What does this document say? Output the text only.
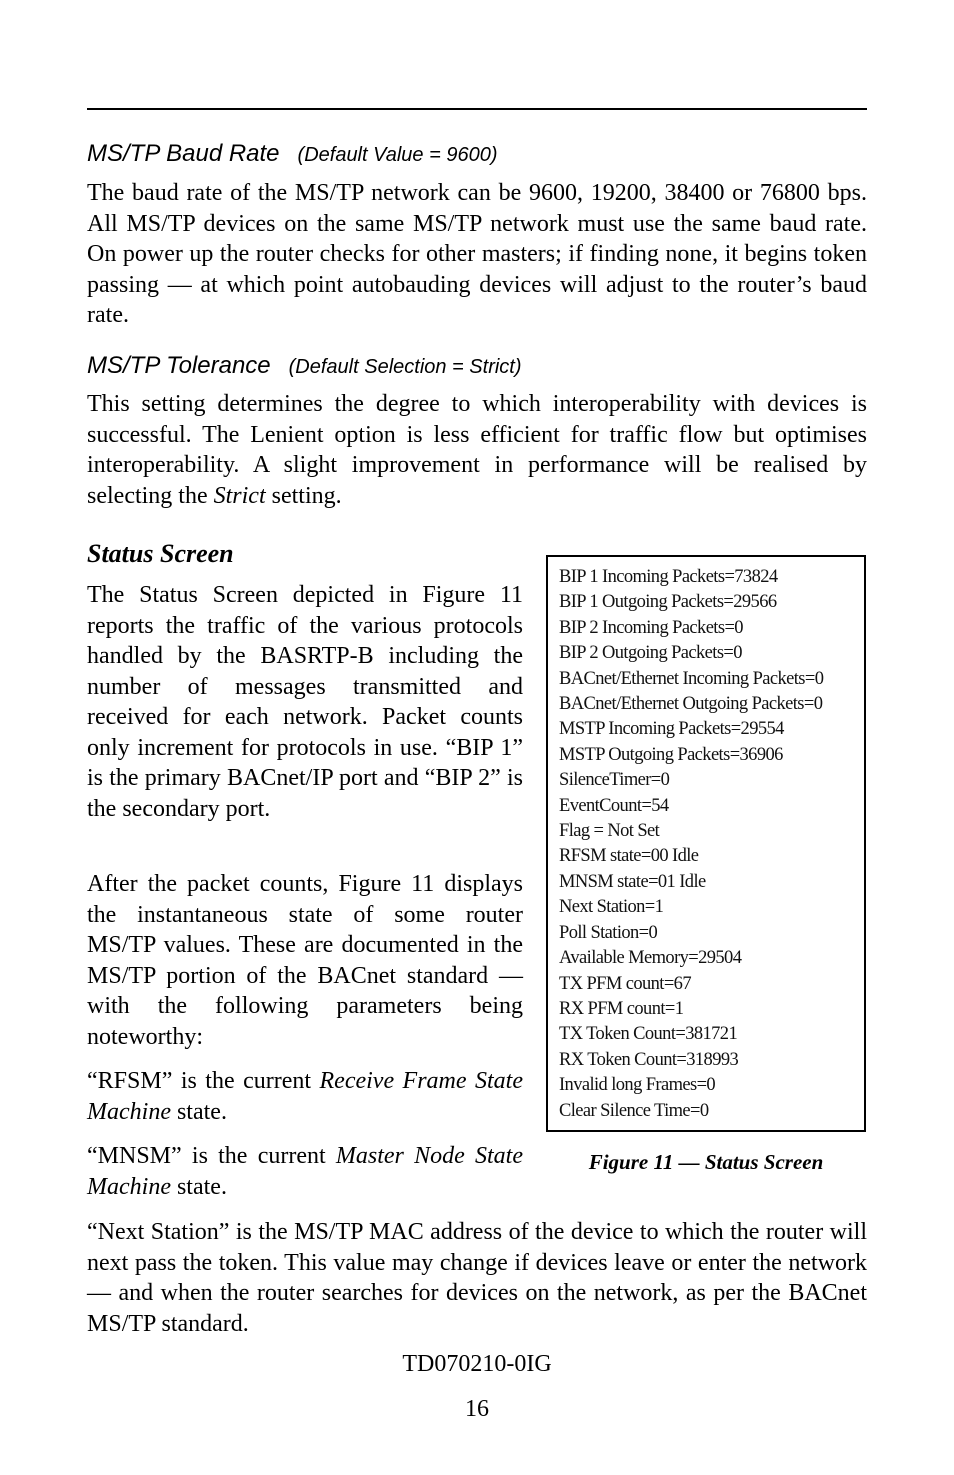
MS/TP Baud Rate (Default Value = 9600)

The baud rate of the MS/TP network can be 9600, 19200, 38400 or 76800 bps. All MS/TP devices on the same MS/TP network must use the same baud rate. On power up the router checks for other masters; if finding none, it begins token passing — at which point autobauding devices will adjust to the router’s baud rate.

MS/TP Tolerance (Default Selection = Strict)

This setting determines the degree to which interoperability with devices is successful. The Lenient option is less efficient for traffic flow but optimises interoperability. A slight improvement in performance will be realised by selecting the Strict setting.

Status Screen

The Status Screen depicted in Figure 11 reports the traffic of the various protocols handled by the BASRTP-B including the number of messages transmitted and received for each network. Packet counts only increment for protocols in use. “BIP 1” is the primary BACnet/IP port and “BIP 2” is the secondary port.

After the packet counts, Figure 11 displays the instantaneous state of some router MS/TP values. These are documented in the MS/TP portion of the BACnet standard — with the following parameters being noteworthy:

“RFSM” is the current Receive Frame State Machine state.

“MNSM” is the current Master Node State Machine state.

“Next Station” is the MS/TP MAC address of the device to which the router will next pass the token. This value may change if devices leave or enter the network — and when the router searches for devices on the network, as per the BACnet MS/TP standard.

BIP 1 Incoming Packets=73824
BIP 1 Outgoing Packets=29566
BIP 2 Incoming Packets=0
BIP 2 Outgoing Packets=0
BACnet/Ethernet Incoming Packets=0
BACnet/Ethernet Outgoing Packets=0
MSTP Incoming Packets=29554
MSTP Outgoing Packets=36906
SilenceTimer=0
EventCount=54
Flag = Not Set
RFSM state=00 Idle
MNSM state=01 Idle
Next Station=1
Poll Station=0
Available Memory=29504
TX PFM count=67
RX PFM count=1
TX Token Count=381721
RX Token Count=318993
Invalid long Frames=0
Clear Silence Time=0
Figure 11 — Status Screen
TD070210-0IG
16
